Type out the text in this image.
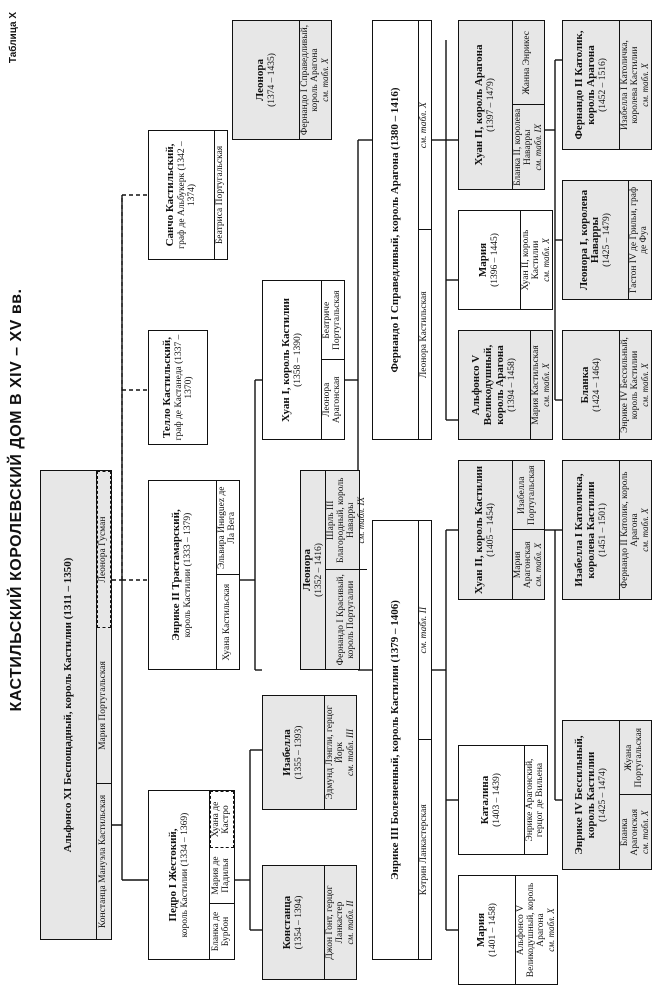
КАСТИЛЬСКИЙ КОРОЛЕВСКИЙ ДОМ В XIV – XV вв.
Таблица X
Альфонсо XI Беспощадный, король Кастилии (1311 – 1350)
Констанца Мануэла Кастильская
Мария Португальская
Леонора Гусман
Педро I Жестокий, король Кастилии (1334 – 1369) Бланка де Бурбон
Мария де Падилья
Хуана де Кастро
Энрике II Трастамарский, король Кастилии (1333 – 1379)	Хуана Кастильская
Эльвира Иниguez де Ла Вега
Телло Кастильский, граф де Кастанеда (1337 – 1370)
Санчо Кастильский, граф де Альбукерк (1342 – 1374) Беатриса Португальская
Констанца (1354 – 1394) Джон Гонт, герцог Ланкастер см. табл. II
Изабелла (1355 – 1393) Эдмунд Лэнгли, герцог Йорк см. табл. III
Леонора (1352 – 1416)
Фернандо I Красивый, король Португалии
Шарль III Благородный, король Наварры см. табл. IX
Хуан I, король Кастилии (1358 – 1390)
Леонора Арагонская
Беатриче Португальская
Леонора (1374 – 1435) Фернандо I Справедливый, король Арагона см. табл. X
Энрике III Болезненный, король Кастилии (1379 – 1406)	Кэтрин Ланкастерская
см. табл. II
Фернандо I Справедливый, король Арагона (1380 – 1416)	Леонора Кастильская
см. табл. X
Мария (1401 – 1458) Альфонсо V Великодушный, король Арагона см. табл. X
Каталина (1403 – 1439) Энрике Арагонский, герцог де Вильена
Хуан II, король Кастилии (1405 – 1454)
Мария Арагонская см. табл. X
Изабелла Португальская
Альфонсо V Великодушный, король Арагона (1394 – 1458) Мария Кастильская см. табл. X
Мария (1396 – 1445) Хуан II, король Кастилии см. табл. X
Хуан II, король Арагона (1397 – 1479)
Бланка II, королева Наварры см. табл. IX
Жанна Энрикес
Энрике IV Бессильный, король Кастилии (1425 – 1474)
Бланка Арагонская см. табл. X
Жуана Португальская
Изабелла I Католичка, королева Кастилии (1451 – 1501) Фернандо II Католик, король Арагона см. табл. X
Бланка (1424 – 1464) Энрике IV Бессильный, король Кастилии см. табл. X
Леонора I, королева Наварры (1425 – 1479) Гастон IV де Грильи, граф де Фуа
Фернандо II Католик, король Арагона (1452 – 1516) Изабелла I Католичка, королева Кастилии см. табл. X
